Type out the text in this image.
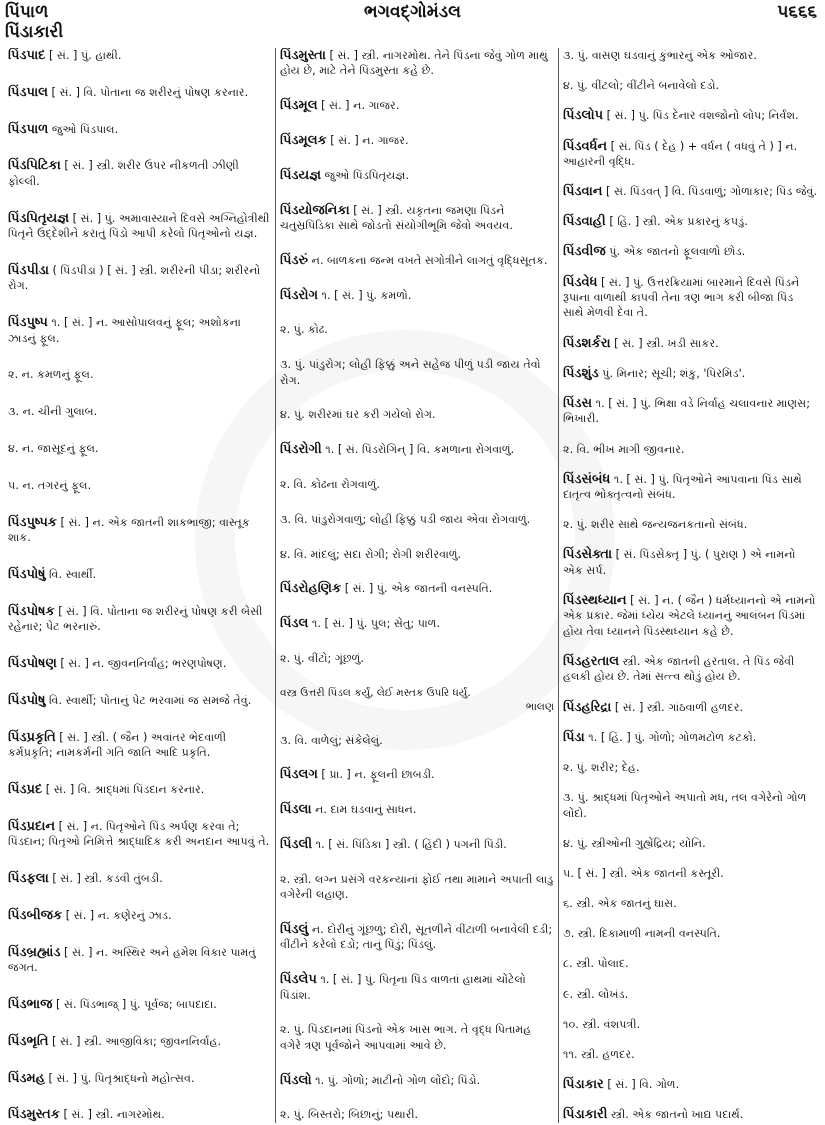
પિંપાળ
પિંડાકારી
ભગવદ્ગોમંડલ	૫૬૬૬
પિંડપાદ [ સં. ] પું. હાથી.
પિંડપાલ [ સં. ] વિ. પોતાના જ શરીરનું પોષણ કરનાર.
પિંડપાળ જુઓ પિંડપાલ.
પિંડપિટિકા [ સં. ] સ્ત્રી. શરીર ઉપર નીકળતી ઝીણી ફોલ્લી.
પિંડપિતૃયજ્ઞ [ સં. ] પું. અમાવાસ્યાને દિવસે અગ્નિહોત્રીથી પિતૃને ઉદ્દેશીને કરાતું પિંડો આપી કરેલો પિતૃઓનો યજ્ઞ.
પિંડપીડા ( પિંડપીડા ) [ સં. ] સ્ત્રી. શરીરની પીડા; શરીરનો રોગ.
પિંડપુષ્પ ૧. [ સં. ] ન. આસોપાલવનું ફૂલ; અશોકના ઝાડનું ફૂલ.
૨. ન. કમળનું ફૂલ.
૩. ન. ચીની ગુલાબ.
૪. ન. જાસૂદનું ફૂલ.
૫. ન. તગરનું ફૂલ.
પિંડપુષ્પક [ સં. ] ન. એક જાતની શાકભાજી; વાસ્તૂક શાક.
પિંડપોષું વિ. સ્વાર્થી.
પિંડપોષક [ સં. ] વિ. પોતાના જ શરીરનું પોષણ કરી બેસી રહેનાર; પેટ ભરનારું.
પિંડપોષણ [ સં. ] ન. જીવનનિર્વાહ; ભરણપોષણ.
પિંડપોષુ વિ. સ્વાર્થી; પોતાનું પેટ ભરવામાં જ સમજે તેવું.
પિંડપ્રકૃતિ [ સં. ] સ્ત્રી. ( જૈન ) અવાંતર ભેદવાળી કર્મપ્રકૃતિ; નામકર્મની ગતિ જાતિ આદિ પ્રકૃતિ.
પિંડપ્રદ [ સં. ] વિ. શ્રાદ્ધમાં પિંડદાન કરનાર.
પિંડપ્રદાન [ સં. ] ન. પિતૃઓને પિંડ અર્પણ કરવાં તે; પિંડદાન; પિતૃઓ નિમિત્તે શ્રાદ્ધાદિક કરી અનદાન આપવું તે.
પિંડફલા [ સં. ] સ્ત્રી. કડવી તુંબડી.
પિંડબીજક [ સં. ] ન. કણેરનું ઝાડ.
પિંડબ્રહ્માંડ [ સં. ] ન. અસ્થિર અને હમેશ વિકાર પામતું જગત.
પિંડભાજ [ સં. પિંડભાજ્ ] પું. પૂર્વજ; બાપદાદા.
પિંડભૃતિ [ સં. ] સ્ત્રી. આજીવિકા; જીવનનિર્વાહ.
પિંડમહ [ સં. ] પું. પિતૃશ્રાદ્ધનો મહોત્સવ.
પિંડમુસ્તક [ સં. ] સ્ત્રી. નાગરમોથ.
પિંડમુસ્તા [ સં. ] સ્ત્રી. નાગરમોથ. તેને પિંડના જેવું ગોળ માથું હોય છે, માટે તેને પિંડમુસ્તા કહે છે.
પિંડમૂલ [ સં. ] ન. ગાજર.
પિંડમૂલક [ સં. ] ન. ગાજર.
પિંડયજ્ઞ જુઓ પિંડપિતૃયજ્ઞ.
પિંડયોજનિકા [ સં. ] સ્ત્રી. યકૃતના જમણા પિંડને ચતુસ્રપિંડિકા સાથે જોડતો સંયોગીભૂમિ જેવો અવયવ.
પિંડરું ન. બાળકના જન્મ વખતે સગોત્રીને લાગતું વૃદ્ધિસૂતક.
પિંડરોગ ૧. [ સં. ] પું. કમળો.
૨. પું. કોઢ.
૩. પું. પાંડુરોગ; લોહી ફિક્કું અને સહેજ પીળું પડી જાય તેવો રોગ.
૪. પું. શરીરમાં ઘર કરી ગયેલો રોગ.
પિંડરોગી ૧. [ સં. પિંડરોગિન્ ] વિ. કમળાના રોગવાળું.
૨. વિ. કોઢના રોગવાળું.
૩. વિ. પાંડુરોગવાળું; લોહી ફિક્કું પડી જાય એવા રોગવાળું.
૪. વિ. માંદલું; સદા રોગી; રોગી શરીરવાળું.
પિંડરોહણિક [ સં. ] પું. એક જાતની વનસ્પતિ.
પિંડલ ૧. [ સં. ] પું. પુલ; સેતુ; પાળ.
૨. પું. વીંટો; ગૂંછળું.
વસ્ત્ર ઉત્તરી પિંડલ કર્યું, લેઈ મસ્તક ઉપરિ ધર્યું.
ભાલણ
૩. વિ. વાળેલું; સંકેલેલું.
પિંડલગ [ પ્રા. ] ન. ફૂલની છાબડી.
પિંડલા ન. દામ ઘડવાનું સાધન.
પિંડલી ૧. [ સં. પિંડિકા ] સ્ત્રી. ( હિંદી ) પગની પિંડી.
૨. સ્ત્રી. લગ્ન પ્રસંગે વરકન્યાનાં ફોઈ તથા મામાને અપાતી લાડુ વગેરેની લહાણ.
પિંડલું ન. દોરીનું ગૂંછળું; દોરી, સૂતળીને વીંટાળી બનાવેલી દડી; વીંટીને કરેલો દડો; તાનું પિંડું; પિંડલું.
પિંડલેપ ૧. [ સં. ] પું. પિતૃના પિંડ વાળતાં હાથમાં ચોંટેલો પિંડાંશ.
૨. પું. પિંડદાનમાં પિંડનો એક ખાસ ભાગ. તે વૃદ્ધ પિતામહ વગેરે ત્રણ પૂર્વજોને આપવામાં આવે છે.
પિંડલો ૧. પું. ગોળો; માટીનો ગોળ લોંદો; પિંડો.
૨. પું. બિસ્તરો; બિછાનું; પથારી.
૩. પું. વાસણ ઘડવાનું કુંભારનું એક ઓજાર.
૪. પું. વીંટલો; વીંટીને બનાવેલો દડો.
પિંડલોપ [ સં. ] પું. પિંડ દેનાર વંશજોનો લોપ; નિર્વંશ.
પિંડવર્ધન [ સં. પિંડ ( દેહ ) + વર્ધન ( વધવું તે ) ] ન. આહારની વૃદ્ધિ.
પિંડવાન [ સં. પિંડવત્ ] વિ. પિંડવાળું; ગોળાકાર; પિંડ જેવું.
પિંડવાહી [ હિં. ] સ્ત્રી. એક પ્રકારનું કપડું.
પિંડવીજ પું. એક જાતનો ફૂલવાળો છોડ.
પિંડવેધ [ સં. ] પું. ઉત્તરક્રિયામાં બારમાને દિવસે પિંડને રૂપાના વાળાથી કાપવી તેના ત્રણ ભાગ કરી બીજા પિંડ સાથે મેળવી દેવા તે.
પિંડશર્કરા [ સં. ] સ્ત્રી. ખડી સાકર.
પિંડશુંડ પું. મિનાર; સૂચી; શંકુ, 'પિરમિડ'.
પિંડસ ૧. [ સં. ] પું. ભિક્ષા વડે નિર્વાહ ચલાવનાર માણસ; ભિખારી.
૨. વિ. ભીખ માગી જીવનાર.
પિંડસંબંધ ૧. [ સં. ] પું. પિતૃઓને આપવાના પિંડ સાથે દાતૃત્વ ભોક્તૃત્વનો સંબંધ.
૨. પું. શરીર સાથે જન્યજનકતાનો સંબંધ.
પિંડસેક્તા [ સં. પિંડસેક્તૃ ] પું. ( પુરાણ ) એ નામનો એક સર્પ.
પિંડસ્થધ્યાન [ સં. ] ન. ( જૈન ) ધર્મધ્યાનનો એ નામનો એક પ્રકાર. જેમાં ધ્યેય એટલે ધ્યાનનું આલંબન પિંડમાં હોય તેવા ધ્યાનને પિંડસ્થધ્યાન કહે છે.
પિંડહરતાલ સ્ત્રી. એક જાતની હરતાલ. તે પિંડ જેવી હલકી હોય છે. તેમાં સત્ત્વ થોડું હોય છે.
પિંડહરિદ્રા [ સં. ] સ્ત્રી. ગાંઠવાળી હળદર.
પિંડા ૧. [ હિં. ] પું. ગોળો; ગોળમટોળ કટકો.
૨. પું. શરીર; દેહ.
૩. પું. શ્રાદ્ધમાં પિતૃઓને અપાતો મધ, તલ વગેરેનો ગોળ લોંદો.
૪. પું. સ્ત્રીઓની ગુહ્યેંદ્રિય; યોનિ.
૫. [ સં. ] સ્ત્રી. એક જાતની કસ્તૂરી.
૬. સ્ત્રી. એક જાતનું ઘાસ.
૭. સ્ત્રી. દિકામાળી નામની વનસ્પતિ.
૮. સ્ત્રી. પોલાદ.
૯. સ્ત્રી. લોખંડ.
૧૦. સ્ત્રી. વંશપત્રી.
૧૧. સ્ત્રી. હળદર.
પિંડાકાર [ સં. ] વિ. ગોળ.
પિંડાકારી સ્ત્રી. એક જાતનો ખાદ્ય પદાર્થ.
